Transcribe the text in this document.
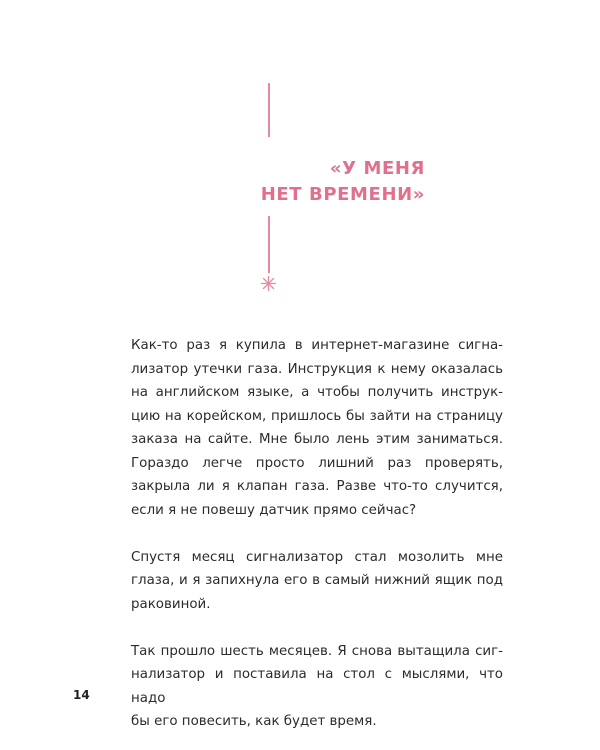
«У МЕНЯ
НЕТ ВРЕМЕНИ»

Как-то раз я купила в интернет-магазине сигна-
лизатор утечки газа. Инструкция к нему оказалась
на английском языке, а чтобы получить инструк-
цию на корейском, пришлось бы зайти на страницу
заказа на сайте. Мне было лень этим заниматься.
Гораздо легче просто лишний раз проверять,
закрыла ли я клапан газа. Разве что-то случится,
если я не повешу датчик прямо сейчас?

Спустя месяц сигнализатор стал мозолить мне
глаза, и я запихнула его в самый нижний ящик под
раковиной.

Так прошло шесть месяцев. Я снова вытащила сиг-
нализатор и поставила на стол с мыслями, что надо
бы его повесить, как будет время.

14
